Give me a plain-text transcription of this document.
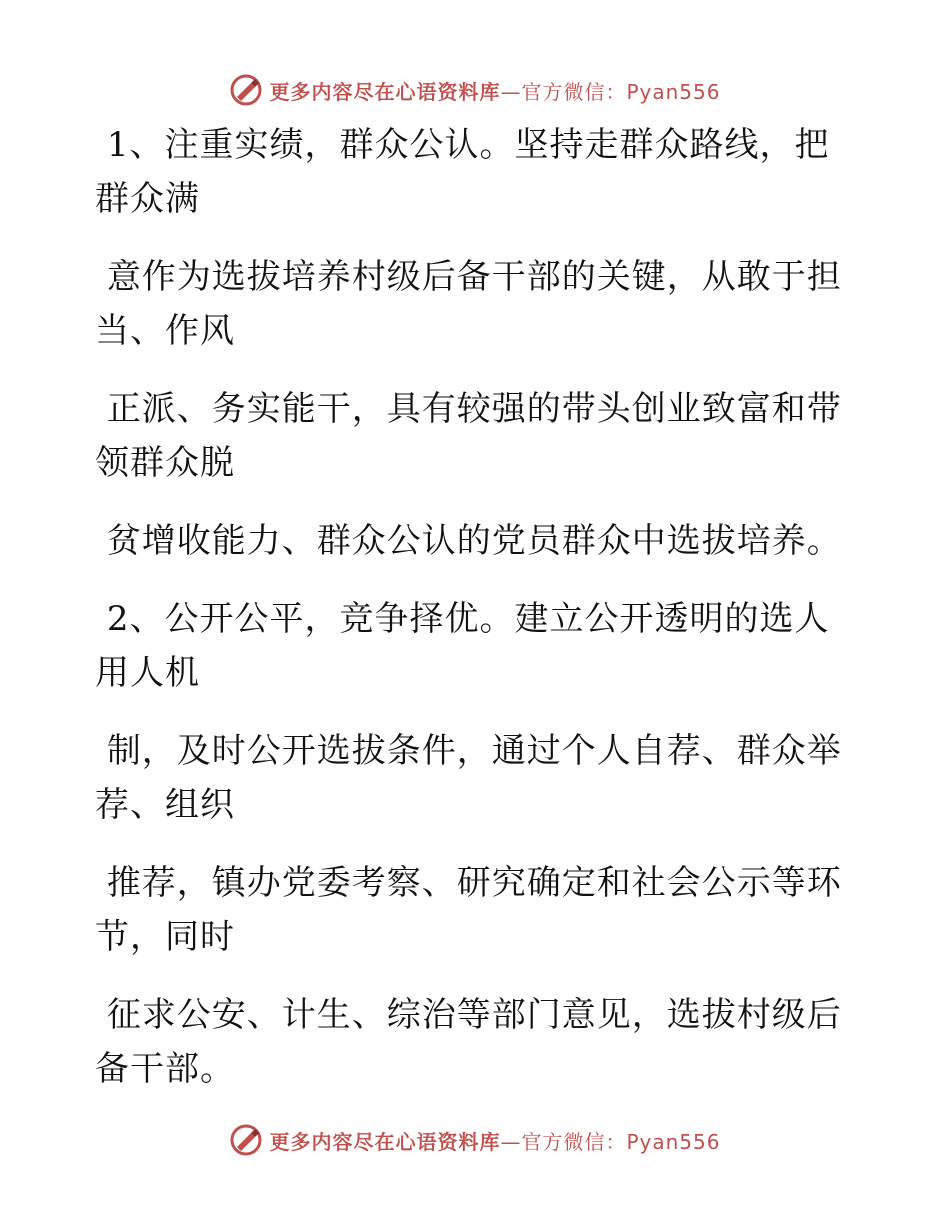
更多内容尽在心语资料库 —官方微信：Pyan556

1、注重实绩，群众公认。坚持走群众路线，把群众满

意作为选拔培养村级后备干部的关键，从敢于担当、作风

正派、务实能干，具有较强的带头创业致富和带领群众脱

贫增收能力、群众公认的党员群众中选拔培养。

2、公开公平，竞争择优。建立公开透明的选人用人机

制，及时公开选拔条件，通过个人自荐、群众举荐、组织

推荐，镇办党委考察、研究确定和社会公示等环节，同时

征求公安、计生、综治等部门意见，选拔村级后备干部。

更多内容尽在心语资料库 —官方微信：Pyan556
